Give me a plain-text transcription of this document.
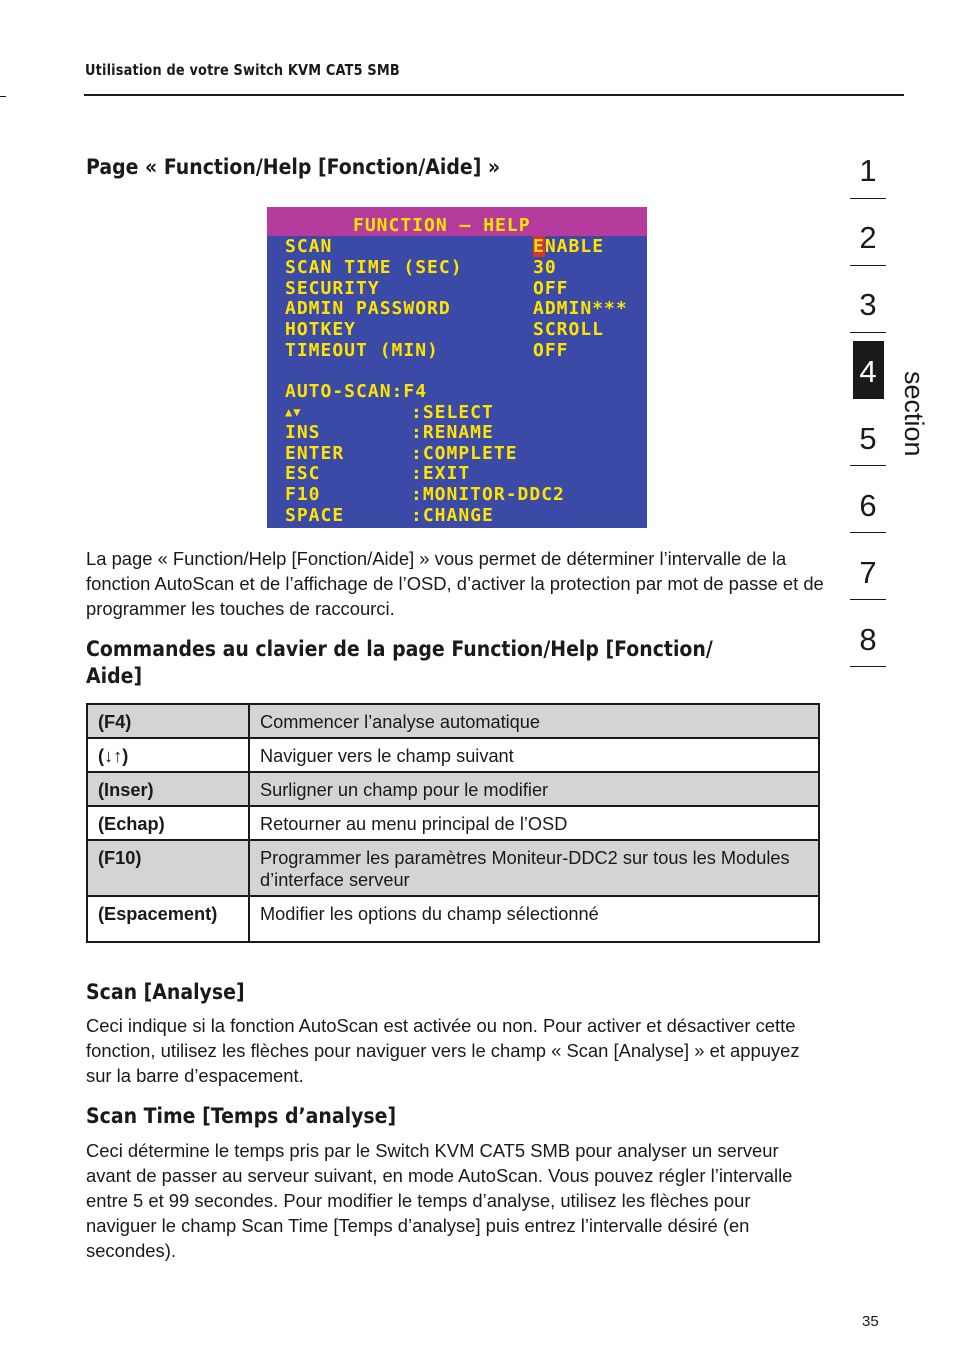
Utilisation de votre Switch KVM CAT5 SMB
Page « Function/Help [Fonction/Aide] »
FUNCTION – HELP
SCAN	ENABLE
SCAN TIME (SEC)	30
SECURITY	OFF
ADMIN PASSWORD	ADMIN***
HOTKEY	SCROLL
TIMEOUT (MIN)	OFF
AUTO-SCAN:F4
▲▼	:SELECT
INS	:RENAME
ENTER	:COMPLETE
ESC	:EXIT
F10	:MONITOR-DDC2
SPACE	:CHANGE
La page « Function/Help [Fonction/Aide] » vous permet de déterminer l’intervalle de la fonction AutoScan et de l’affichage de l’OSD, d’activer la protection par mot de passe et de programmer les touches de raccourci.
Commandes au clavier de la page Function/Help [Fonction/
Aide]
(F4)	Commencer l’analyse automatique
(↓↑)	Naviguer vers le champ suivant
(Inser)	Surligner un champ pour le modifier
(Echap)	Retourner au menu principal de l’OSD
(F10)	Programmer les paramètres Moniteur-DDC2 sur tous les Modules d’interface serveur
(Espacement)	Modifier les options du champ sélectionné
Scan [Analyse]
Ceci indique si la fonction AutoScan est activée ou non. Pour activer et désactiver cette fonction, utilisez les flèches pour naviguer vers le champ « Scan [Analyse] » et appuyez sur la barre d’espacement.
Scan Time [Temps d’analyse]
Ceci détermine le temps pris par le Switch KVM CAT5 SMB pour analyser un serveur avant de passer au serveur suivant, en mode AutoScan. Vous pouvez régler l’intervalle entre 5 et 99 secondes. Pour modifier le temps d’analyse, utilisez les flèches pour naviguer le champ Scan Time [Temps d’analyse] puis entrez l’intervalle désiré (en secondes).
1
2
3
4
5
6
7
8
section
35
